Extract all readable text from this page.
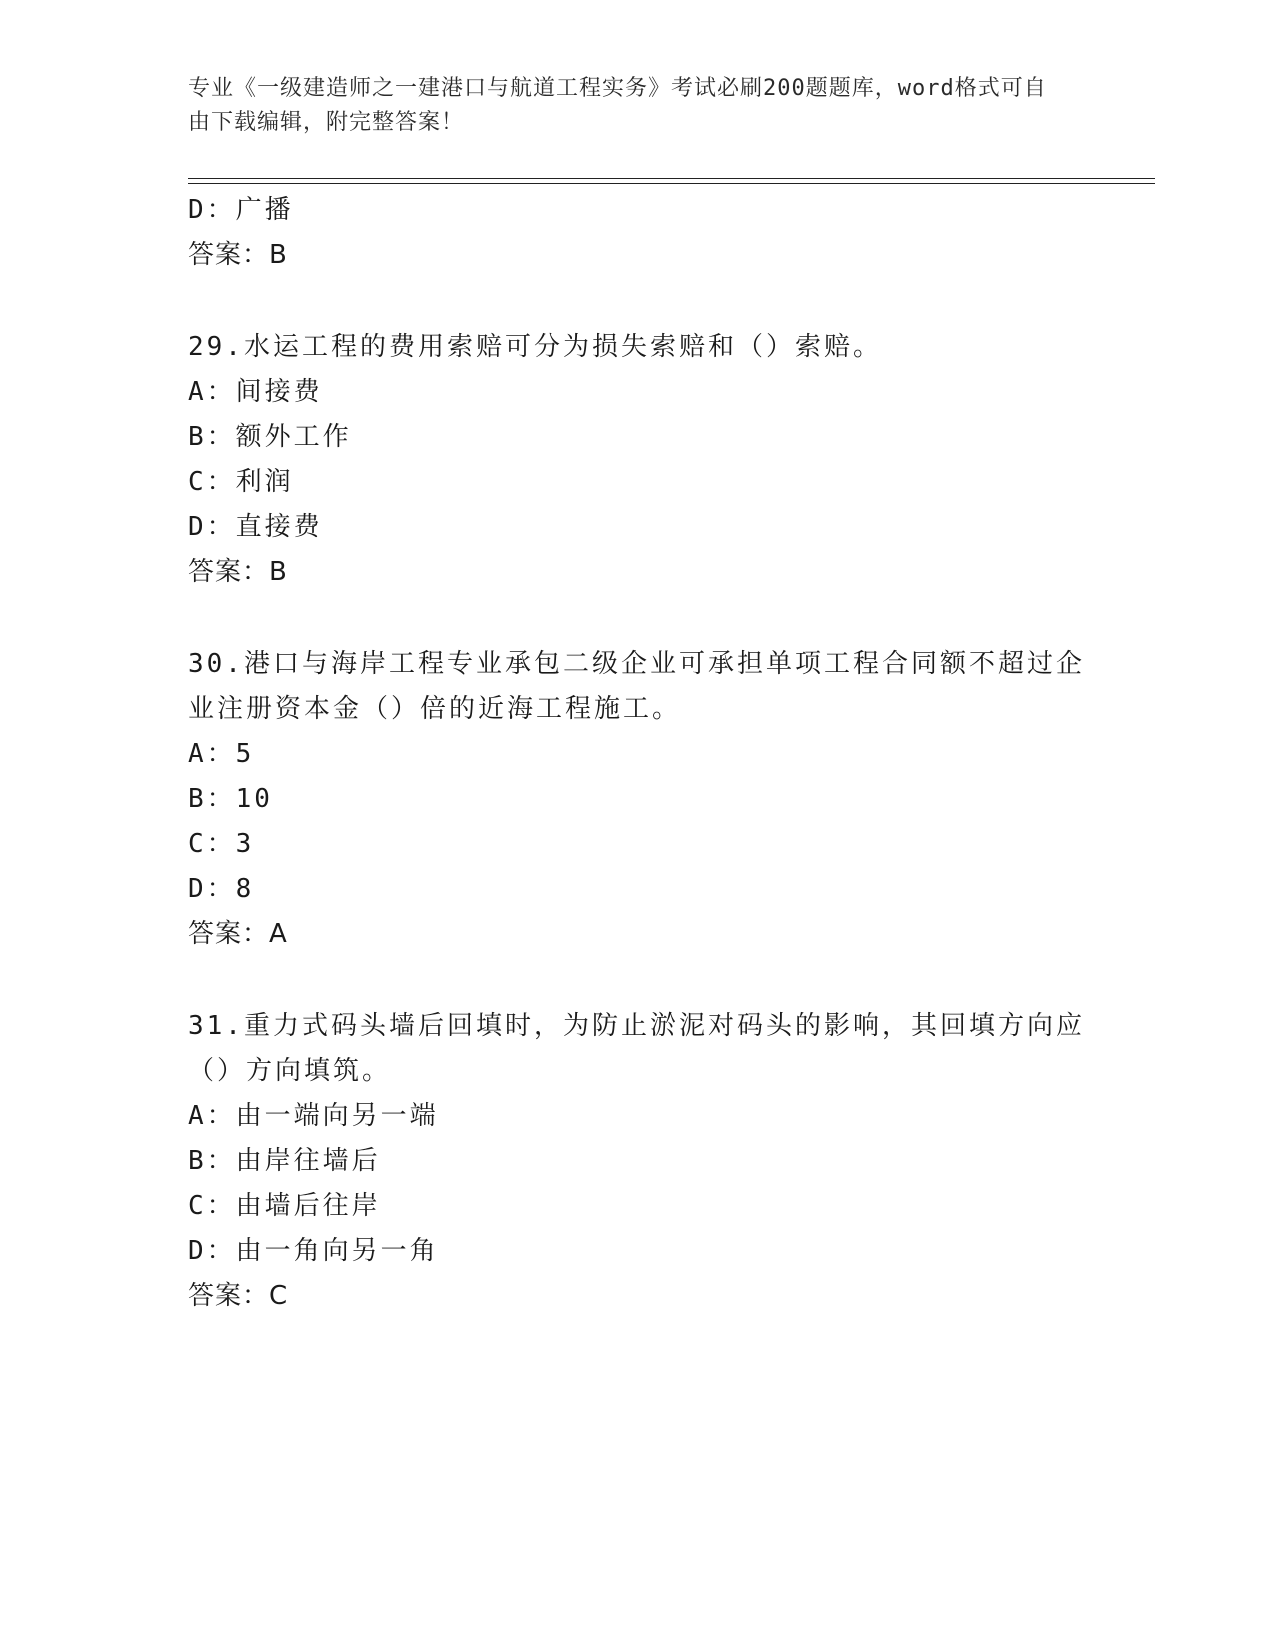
专业《一级建造师之一建港口与航道工程实务》考试必刷200题题库，word格式可自由下载编辑，附完整答案！
D：广播
答案：B
29.水运工程的费用索赔可分为损失索赔和（）索赔。
A：间接费
B：额外工作
C：利润
D：直接费
答案：B
30.港口与海岸工程专业承包二级企业可承担单项工程合同额不超过企业注册资本金（）倍的近海工程施工。
A：5
B：10
C：3
D：8
答案：A
31.重力式码头墙后回填时，为防止淤泥对码头的影响，其回填方向应（）方向填筑。
A：由一端向另一端
B：由岸往墙后
C：由墙后往岸
D：由一角向另一角
答案：C
